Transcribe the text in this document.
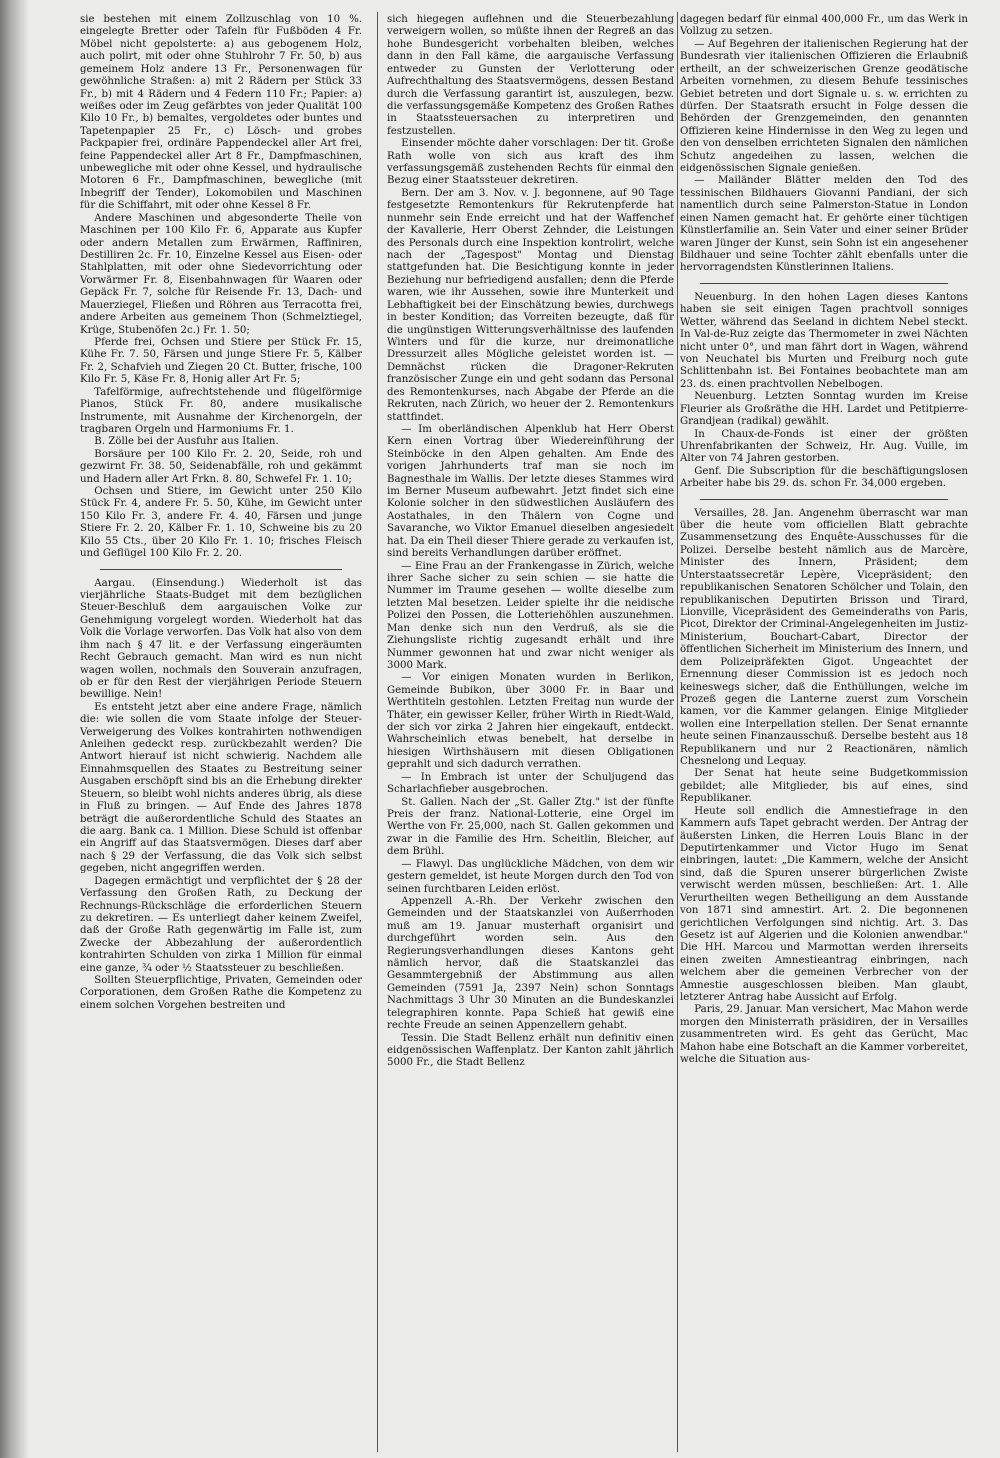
sie bestehen mit einem Zollzuschlag von 10 %. eingelegte Bretter oder Tafeln für Fußböden 4 Fr. Möbel nicht gepolsterte: a) aus gebogenem Holz, auch polirt, mit oder ohne Stuhlrohr 7 Fr. 50, b) aus gemeinem Holz andere 13 Fr., Personenwagen für gewöhnliche Straßen: a) mit 2 Rädern per Stück 33 Fr., b) mit 4 Rädern und 4 Federn 110 Fr.; Papier: a) weißes oder im Zeug gefärbtes von jeder Qualität 100 Kilo 10 Fr., b) bemaltes, vergoldetes oder buntes und Tapetenpapier 25 Fr., c) Lösch- und grobes Packpapier frei, ordinäre Pappendeckel aller Art frei, feine Pappendeckel aller Art 8 Fr., Dampfmaschinen, unbewegliche mit oder ohne Kessel, und hydraulische Motoren 6 Fr., Dampfmaschinen, bewegliche (mit Inbegriff der Tender), Lokomobilen und Maschinen für die Schiffahrt, mit oder ohne Kessel 8 Fr.

Andere Maschinen und abgesonderte Theile von Maschinen per 100 Kilo Fr. 6, Apparate aus Kupfer oder andern Metallen zum Erwärmen, Raffiniren, Destilliren 2c. Fr. 10, Einzelne Kessel aus Eisen- oder Stahlplatten, mit oder ohne Siedevorrichtung oder Vorwärmer Fr. 8, Eisenbahnwagen für Waaren oder Gepäck Fr. 7, solche für Reisende Fr. 13, Dach- und Mauerziegel, Fließen und Röhren aus Terracotta frei, andere Arbeiten aus gemeinem Thon (Schmelztiegel, Krüge, Stubenöfen 2c.) Fr. 1. 50;

Pferde frei, Ochsen und Stiere per Stück Fr. 15, Kühe Fr. 7. 50, Färsen und junge Stiere Fr. 5, Kälber Fr. 2, Schafvieh und Ziegen 20 Ct. Butter, frische, 100 Kilo Fr. 5, Käse Fr. 8, Honig aller Art Fr. 5;

Tafelförmige, aufrechtstehende und flügelförmige Pianos, Stück Fr. 80, andere musikalische Instrumente, mit Ausnahme der Kirchenorgeln, der tragbaren Orgeln und Harmoniums Fr. 1.

B. Zölle bei der Ausfuhr aus Italien.

Borsäure per 100 Kilo Fr. 2. 20, Seide, roh und gezwirnt Fr. 38. 50, Seidenabfälle, roh und gekämmt und Hadern aller Art Frkn. 8. 80, Schwefel Fr. 1. 10;

Ochsen und Stiere, im Gewicht unter 250 Kilo Stück Fr. 4, andere Fr. 5. 50, Kühe, im Gewicht unter 150 Kilo Fr. 3, andere Fr. 4. 40, Färsen und junge Stiere Fr. 2. 20, Kälber Fr. 1. 10, Schweine bis zu 20 Kilo 55 Cts., über 20 Kilo Fr. 1. 10; frisches Fleisch und Geflügel 100 Kilo Fr. 2. 20.

Aargau. (Einsendung.) Wiederholt ist das vierjährliche Staats-Budget mit dem bezüglichen Steuer-Beschluß dem aargauischen Volke zur Genehmigung vorgelegt worden. Wiederholt hat das Volk die Vorlage verworfen. Das Volk hat also von dem ihm nach § 47 lit. e der Verfassung eingeräumten Recht Gebrauch gemacht. Man wird es nun nicht wagen wollen, nochmals den Souverain anzufragen, ob er für den Rest der vierjährigen Periode Steuern bewillige. Nein!

Es entsteht jetzt aber eine andere Frage, nämlich die: wie sollen die vom Staate infolge der Steuer-Verweigerung des Volkes kontrahirten nothwendigen Anleihen gedeckt resp. zurückbezahlt werden? Die Antwort hierauf ist nicht schwierig. Nachdem alle Einnahmsquellen des Staates zu Bestreitung seiner Ausgaben erschöpft sind bis an die Erhebung direkter Steuern, so bleibt wohl nichts anderes übrig, als diese in Fluß zu bringen. — Auf Ende des Jahres 1878 beträgt die außerordentliche Schuld des Staates an die aarg. Bank ca. 1 Million. Diese Schuld ist offenbar ein Angriff auf das Staatsvermögen. Dieses darf aber nach § 29 der Verfassung, die das Volk sich selbst gegeben, nicht angegriffen werden.

Dagegen ermächtigt und verpflichtet der § 28 der Verfassung den Großen Rath, zu Deckung der Rechnungs-Rückschläge die erforderlichen Steuern zu dekretiren. — Es unterliegt daher keinem Zweifel, daß der Große Rath gegenwärtig im Falle ist, zum Zwecke der Abbezahlung der außerordentlich kontrahirten Schulden von zirka 1 Million für einmal eine ganze, ¾ oder ½ Staatssteuer zu beschließen.

Sollten Steuerpflichtige, Privaten, Gemeinden oder Corporationen, dem Großen Rathe die Kompetenz zu einem solchen Vorgehen bestreiten und

sich hiegegen auflehnen und die Steuerbezahlung verweigern wollen, so müßte ihnen der Regreß an das hohe Bundesgericht vorbehalten bleiben, welches dann in den Fall käme, die aargauische Verfassung entweder zu Gunsten der Verlotterung oder Aufrechthaltung des Staatsvermögens, dessen Bestand durch die Verfassung garantirt ist, auszulegen, bezw. die verfassungsgemäße Kompetenz des Großen Rathes in Staatssteuersachen zu interpretiren und festzustellen.

Einsender möchte daher vorschlagen: Der tit. Große Rath wolle von sich aus kraft des ihm verfassungsgemäß zustehenden Rechts für einmal den Bezug einer Staatssteuer dekretiren.

Bern. Der am 3. Nov. v. J. begonnene, auf 90 Tage festgesetzte Remontenkurs für Rekrutenpferde hat nunmehr sein Ende erreicht und hat der Waffenchef der Kavallerie, Herr Oberst Zehnder, die Leistungen des Personals durch eine Inspektion kontrolirt, welche nach der „Tagespost" Montag und Dienstag stattgefunden hat. Die Besichtigung konnte in jeder Beziehung nur befriedigend ausfallen; denn die Pferde waren, wie ihr Aussehen, sowie ihre Munterkeit und Lebhaftigkeit bei der Einschätzung bewies, durchwegs in bester Kondition; das Vorreiten bezeugte, daß für die ungünstigen Witterungsverhältnisse des laufenden Winters und für die kurze, nur dreimonatliche Dressurzeit alles Mögliche geleistet worden ist. — Demnächst rücken die Dragoner-Rekruten französischer Zunge ein und geht sodann das Personal des Remontenkurses, nach Abgabe der Pferde an die Rekruten, nach Zürich, wo heuer der 2. Remontenkurs stattfindet.

— Im oberländischen Alpenklub hat Herr Oberst Kern einen Vortrag über Wiedereinführung der Steinböcke in den Alpen gehalten. Am Ende des vorigen Jahrhunderts traf man sie noch im Bagnesthale im Wallis. Der letzte dieses Stammes wird im Berner Museum aufbewahrt. Jetzt findet sich eine Kolonie solcher in den südwestlichen Ausläufern des Aostathales, in den Thälern von Cogne und Savaranche, wo Viktor Emanuel dieselben angesiedelt hat. Da ein Theil dieser Thiere gerade zu verkaufen ist, sind bereits Verhandlungen darüber eröffnet.

— Eine Frau an der Frankengasse in Zürich, welche ihrer Sache sicher zu sein schien — sie hatte die Nummer im Traume gesehen — wollte dieselbe zum letzten Mal besetzen. Leider spielte ihr die neidische Polizei den Possen, die Lotteriehöhlen auszunehmen. Man denke sich nun den Verdruß, als sie die Ziehungsliste richtig zugesandt erhält und ihre Nummer gewonnen hat und zwar nicht weniger als 3000 Mark.

— Vor einigen Monaten wurden in Berlikon, Gemeinde Bubikon, über 3000 Fr. in Baar und Werthtiteln gestohlen. Letzten Freitag nun wurde der Thäter, ein gewisser Keller, früher Wirth in Riedt-Wald, der sich vor zirka 2 Jahren hier eingekauft, entdeckt. Wahrscheinlich etwas benebelt, hat derselbe in hiesigen Wirthshäusern mit diesen Obligationen geprahlt und sich dadurch verrathen.

— In Embrach ist unter der Schuljugend das Scharlachfieber ausgebrochen.

St. Gallen. Nach der „St. Galler Ztg." ist der fünfte Preis der franz. National-Lotterie, eine Orgel im Werthe von Fr. 25,000, nach St. Gallen gekommen und zwar in die Familie des Hrn. Scheitlin, Bleicher, auf dem Brühl.

— Flawyl. Das unglückliche Mädchen, von dem wir gestern gemeldet, ist heute Morgen durch den Tod von seinen furchtbaren Leiden erlöst.

Appenzell A.-Rh. Der Verkehr zwischen den Gemeinden und der Staatskanzlei von Außerrhoden muß am 19. Januar musterhaft organisirt und durchgeführt worden sein. Aus den Regierungsverhandlungen dieses Kantons geht nämlich hervor, daß die Staatskanzlei das Gesammtergebniß der Abstimmung aus allen Gemeinden (7591 Ja, 2397 Nein) schon Sonntags Nachmittags 3 Uhr 30 Minuten an die Bundeskanzlei telegraphiren konnte. Papa Schieß hat gewiß eine rechte Freude an seinen Appenzellern gehabt.

Tessin. Die Stadt Bellenz erhält nun definitiv einen eidgenössischen Waffenplatz. Der Kanton zahlt jährlich 5000 Fr., die Stadt Bellenz

dagegen bedarf für einmal 400,000 Fr., um das Werk in Vollzug zu setzen.

— Auf Begehren der italienischen Regierung hat der Bundesrath vier italienischen Offizieren die Erlaubniß ertheilt, an der schweizerischen Grenze geodätische Arbeiten vornehmen, zu diesem Behufe tessinisches Gebiet betreten und dort Signale u. s. w. errichten zu dürfen. Der Staatsrath ersucht in Folge dessen die Behörden der Grenzgemeinden, den genannten Offizieren keine Hindernisse in den Weg zu legen und den von denselben errichteten Signalen den nämlichen Schutz angedeihen zu lassen, welchen die eidgenössischen Signale genießen.

— Mailänder Blätter melden den Tod des tessinischen Bildhauers Giovanni Pandiani, der sich namentlich durch seine Palmerston-Statue in London einen Namen gemacht hat. Er gehörte einer tüchtigen Künstlerfamilie an. Sein Vater und einer seiner Brüder waren Jünger der Kunst, sein Sohn ist ein angesehener Bildhauer und seine Tochter zählt ebenfalls unter die hervorragendsten Künstlerinnen Italiens.

Neuenburg. In den hohen Lagen dieses Kantons haben sie seit einigen Tagen prachtvoll sonniges Wetter, während das Seeland in dichtem Nebel steckt. In Val-de-Ruz zeigte das Thermometer in zwei Nächten nicht unter 0°, und man fährt dort in Wagen, während von Neuchatel bis Murten und Freiburg noch gute Schlittenbahn ist. Bei Fontaines beobachtete man am 23. ds. einen prachtvollen Nebelbogen.

Neuenburg. Letzten Sonntag wurden im Kreise Fleurier als Großräthe die HH. Lardet und Petitpierre-Grandjean (radikal) gewählt.

In Chaux-de-Fonds ist einer der größten Uhrenfabrikanten der Schweiz, Hr. Aug. Vuille, im Alter von 74 Jahren gestorben.

Genf. Die Subscription für die beschäftigungslosen Arbeiter habe bis 29. ds. schon Fr. 34,000 ergeben.

Versailles, 28. Jan. Angenehm überrascht war man über die heute vom officiellen Blatt gebrachte Zusammensetzung des Enquête-Ausschusses für die Polizei. Derselbe besteht nämlich aus de Marcère, Minister des Innern, Präsident; dem Unterstaatssecretär Lepère, Vicepräsident; den republikanischen Senatoren Schölcher und Tolain, den republikanischen Deputirten Brisson und Tirard, Lionville, Vicepräsident des Gemeinderaths von Paris, Picot, Direktor der Criminal-Angelegenheiten im Justiz-Ministerium, Bouchart-Cabart, Director der öffentlichen Sicherheit im Ministerium des Innern, und dem Polizeipräfekten Gigot. Ungeachtet der Ernennung dieser Commission ist es jedoch noch keineswegs sicher, daß die Enthüllungen, welche im Prozeß gegen die Lanterne zuerst zum Vorschein kamen, vor die Kammer gelangen. Einige Mitglieder wollen eine Interpellation stellen. Der Senat ernannte heute seinen Finanzausschuß. Derselbe besteht aus 18 Republikanern und nur 2 Reactionären, nämlich Chesnelong und Lequay.

Der Senat hat heute seine Budgetkommission gebildet; alle Mitglieder, bis auf eines, sind Republikaner.

Heute soll endlich die Amnestiefrage in den Kammern aufs Tapet gebracht werden. Der Antrag der äußersten Linken, die Herren Louis Blanc in der Deputirtenkammer und Victor Hugo im Senat einbringen, lautet: „Die Kammern, welche der Ansicht sind, daß die Spuren unserer bürgerlichen Zwiste verwischt werden müssen, beschließen: Art. 1. Alle Verurtheilten wegen Betheiligung an dem Ausstande von 1871 sind amnestirt. Art. 2. Die begonnenen gerichtlichen Verfolgungen sind nichtig. Art. 3. Das Gesetz ist auf Algerien und die Kolonien anwendbar." Die HH. Marcou und Marmottan werden ihrerseits einen zweiten Amnestieantrag einbringen, nach welchem aber die gemeinen Verbrecher von der Amnestie ausgeschlossen bleiben. Man glaubt, letzterer Antrag habe Aussicht auf Erfolg.

Paris, 29. Januar. Man versichert, Mac Mahon werde morgen den Ministerrath präsidiren, der in Versailles zusammentreten wird. Es geht das Gerücht, Mac Mahon habe eine Botschaft an die Kammer vorbereitet, welche die Situation aus-
